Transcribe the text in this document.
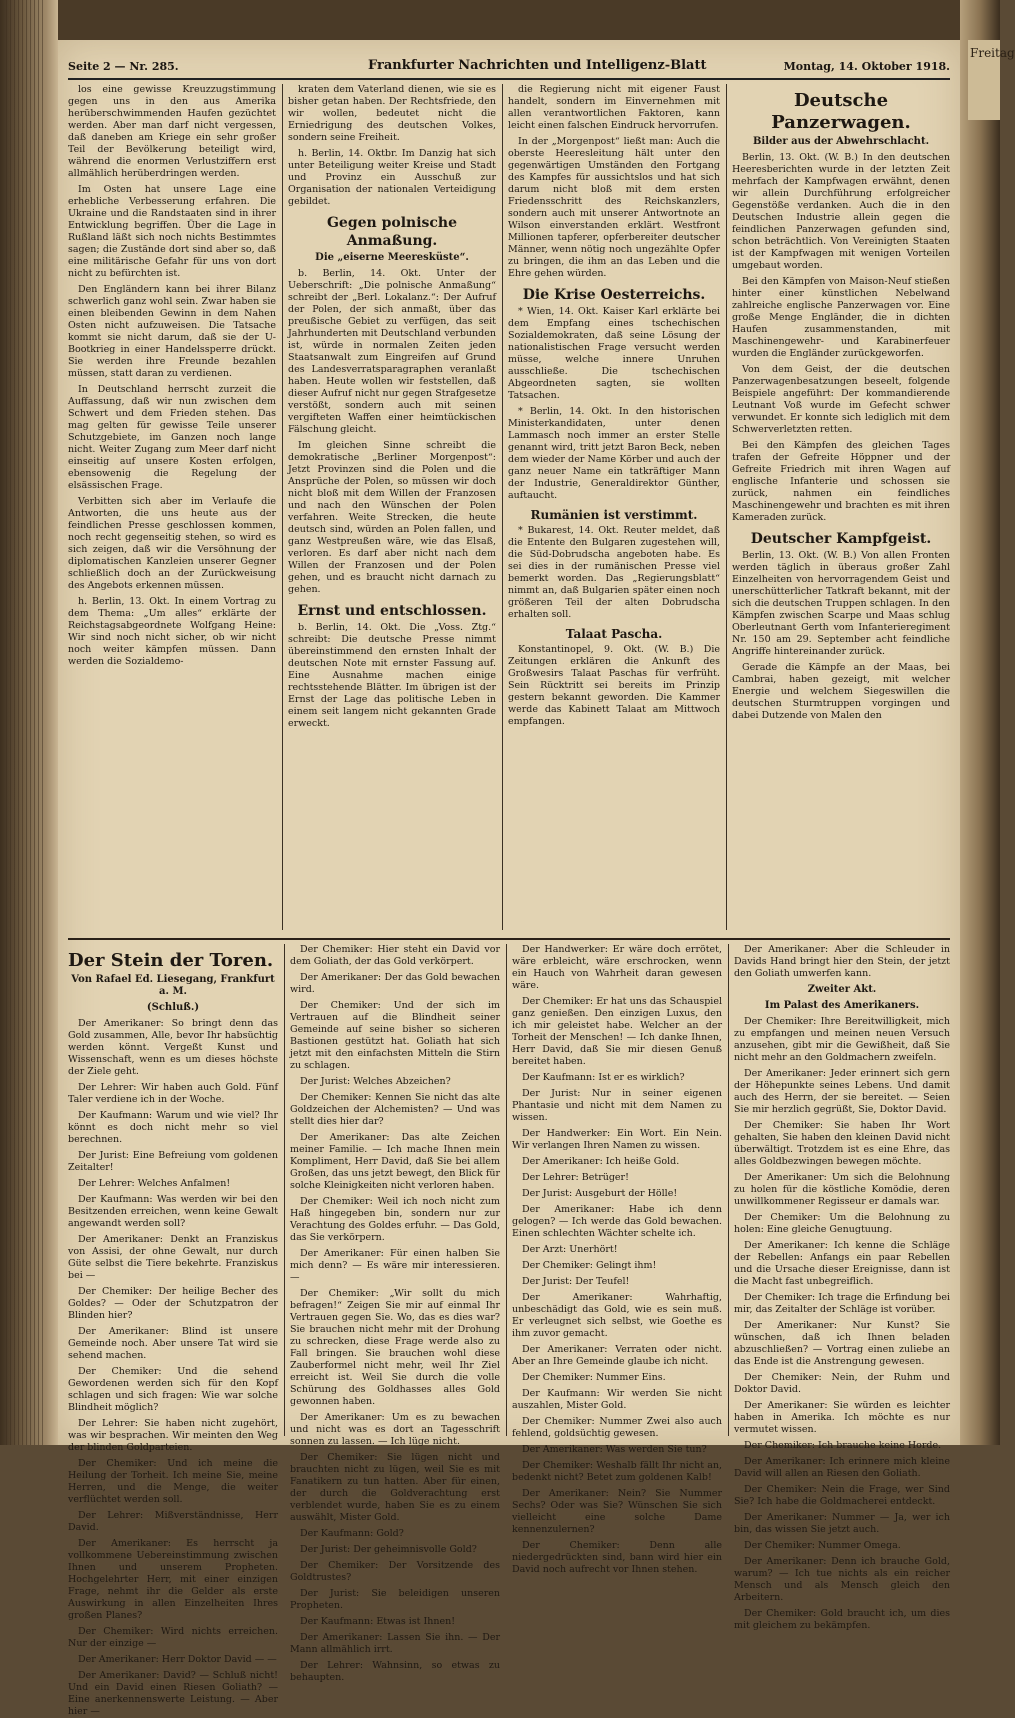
Freitag
Seite 2 — Nr. 285.	Frankfurter Nachrichten und Intelligenz-Blatt	Montag, 14. Oktober 1918.

los eine gewisse Kreuzzugstimmung gegen uns in den aus Amerika herüberschwimmenden Haufen gezüchtet werden. Aber man darf nicht vergessen, daß daneben am Kriege ein sehr großer Teil der Bevölkerung beteiligt wird, während die enormen Verlustziffern erst allmählich herüberdringen werden.

Im Osten hat unsere Lage eine erhebliche Verbesserung erfahren. Die Ukraine und die Randstaaten sind in ihrer Entwicklung begriffen. Über die Lage in Rußland läßt sich noch nichts Bestimmtes sagen; die Zustände dort sind aber so, daß eine militärische Gefahr für uns von dort nicht zu befürchten ist.

Den Engländern kann bei ihrer Bilanz schwerlich ganz wohl sein. Zwar haben sie einen bleibenden Gewinn in dem Nahen Osten nicht aufzuweisen. Die Tatsache kommt sie nicht darum, daß sie der U-Bootkrieg in einer Handelssperre drückt. Sie werden ihre Freunde bezahlen müssen, statt daran zu verdienen.

In Deutschland herrscht zurzeit die Auffassung, daß wir nun zwischen dem Schwert und dem Frieden stehen. Das mag gelten für gewisse Teile unserer Schutzgebiete, im Ganzen noch lange nicht. Weiter Zugang zum Meer darf nicht einseitig auf unsere Kosten erfolgen, ebensowenig die Regelung der elsässischen Frage.

Verbitten sich aber im Verlaufe die Antworten, die uns heute aus der feindlichen Presse geschlossen kommen, noch recht gegenseitig stehen, so wird es sich zeigen, daß wir die Versöhnung der diplomatischen Kanzleien unserer Gegner schließlich doch an der Zurückweisung des Angebots erkennen müssen.

h. Berlin, 13. Okt. In einem Vortrag zu dem Thema: „Um alles“ erklärte der Reichstagsabgeordnete Wolfgang Heine: Wir sind noch nicht sicher, ob wir nicht noch weiter kämpfen müssen. Dann werden die Sozialdemo-

kraten dem Vaterland dienen, wie sie es bisher getan haben. Der Rechtsfriede, den wir wollen, bedeutet nicht die Erniedrigung des deutschen Volkes, sondern seine Freiheit.

h. Berlin, 14. Oktbr. Im Danzig hat sich unter Beteiligung weiter Kreise und Stadt und Provinz ein Ausschuß zur Organisation der nationalen Verteidigung gebildet.

Gegen polnische Anmaßung.
Die „eiserne Meeresküste“.

b. Berlin, 14. Okt. Unter der Ueberschrift: „Die polnische Anmaßung“ schreibt der „Berl. Lokalanz.“: Der Aufruf der Polen, der sich anmaßt, über das preußische Gebiet zu verfügen, das seit Jahrhunderten mit Deutschland verbunden ist, würde in normalen Zeiten jeden Staatsanwalt zum Eingreifen auf Grund des Landesverratsparagraphen veranlaßt haben. Heute wollen wir feststellen, daß dieser Aufruf nicht nur gegen Strafgesetze verstößt, sondern auch mit seinen vergifteten Waffen einer heimtückischen Fälschung gleicht.

Im gleichen Sinne schreibt die demokratische „Berliner Morgenpost“: Jetzt Provinzen sind die Polen und die Ansprüche der Polen, so müssen wir doch nicht bloß mit dem Willen der Franzosen und nach den Wünschen der Polen verfahren. Weite Strecken, die heute deutsch sind, würden an Polen fallen, und ganz Westpreußen wäre, wie das Elsaß, verloren. Es darf aber nicht nach dem Willen der Franzosen und der Polen gehen, und es braucht nicht darnach zu gehen.

Ernst und entschlossen.

b. Berlin, 14. Okt. Die „Voss. Ztg.“ schreibt: Die deutsche Presse nimmt übereinstimmend den ernsten Inhalt der deutschen Note mit ernster Fassung auf. Eine Ausnahme machen einige rechtsstehende Blätter. Im übrigen ist der Ernst der Lage das politische Leben in einem seit langem nicht gekannten Grade erweckt.

die Regierung nicht mit eigener Faust handelt, sondern im Einvernehmen mit allen verantwortlichen Faktoren, kann leicht einen falschen Eindruck hervorrufen.

In der „Morgenpost“ ließt man: Auch die oberste Heeresleitung hält unter den gegenwärtigen Umständen den Fortgang des Kampfes für aussichtslos und hat sich darum nicht bloß mit dem ersten Friedensschritt des Reichskanzlers, sondern auch mit unserer Antwortnote an Wilson einverstanden erklärt. Westfront Millionen tapferer, opferbereiter deutscher Männer, wenn nötig noch ungezählte Opfer zu bringen, die ihm an das Leben und die Ehre gehen würden.

Die Krise Oesterreichs.

* Wien, 14. Okt. Kaiser Karl erklärte bei dem Empfang eines tschechischen Sozialdemokraten, daß seine Lösung der nationalistischen Frage versucht werden müsse, welche innere Unruhen ausschließe. Die tschechischen Abgeordneten sagten, sie wollten Tatsachen.

* Berlin, 14. Okt. In den historischen Ministerkandidaten, unter denen Lammasch noch immer an erster Stelle genannt wird, tritt jetzt Baron Beck, neben dem wieder der Name Körber und auch der ganz neuer Name ein tatkräftiger Mann der Industrie, Generaldirektor Günther, auftaucht.

Rumänien ist verstimmt.

* Bukarest, 14. Okt. Reuter meldet, daß die Entente den Bulgaren zugestehen will, die Süd-Dobrudscha angeboten habe. Es sei dies in der rumänischen Presse viel bemerkt worden. Das „Regierungsblatt“ nimmt an, daß Bulgarien später einen noch größeren Teil der alten Dobrudscha erhalten soll.

Talaat Pascha.

Konstantinopel, 9. Okt. (W. B.) Die Zeitungen erklären die Ankunft des Großwesirs Talaat Paschas für verfrüht. Sein Rücktritt sei bereits im Prinzip gestern bekannt geworden. Die Kammer werde das Kabinett Talaat am Mittwoch empfangen.

Deutsche Panzerwagen.
Bilder aus der Abwehrschlacht.

Berlin, 13. Okt. (W. B.) In den deutschen Heeresberichten wurde in der letzten Zeit mehrfach der Kampfwagen erwähnt, denen wir allein Durchführung erfolgreicher Gegenstöße verdanken. Auch die in den Deutschen Industrie allein gegen die feindlichen Panzerwagen gefunden sind, schon beträchtlich. Von Vereinigten Staaten ist der Kampfwagen mit wenigen Vorteilen umgebaut worden.

Bei den Kämpfen von Maison-Neuf stießen hinter einer künstlichen Nebelwand zahlreiche englische Panzerwagen vor. Eine große Menge Engländer, die in dichten Haufen zusammenstanden, mit Maschinengewehr- und Karabinerfeuer wurden die Engländer zurückgeworfen.

Von dem Geist, der die deutschen Panzerwagenbesatzungen beseelt, folgende Beispiele angeführt: Der kommandierende Leutnant Voß wurde im Gefecht schwer verwundet. Er konnte sich lediglich mit dem Schwerverletzten retten.

Bei den Kämpfen des gleichen Tages trafen der Gefreite Höppner und der Gefreite Friedrich mit ihren Wagen auf englische Infanterie und schossen sie zurück, nahmen ein feindliches Maschinengewehr und brachten es mit ihren Kameraden zurück.

Deutscher Kampfgeist.

Berlin, 13. Okt. (W. B.) Von allen Fronten werden täglich in überaus großer Zahl Einzelheiten von hervorragendem Geist und unerschütterlicher Tatkraft bekannt, mit der sich die deutschen Truppen schlagen. In den Kämpfen zwischen Scarpe und Maas schlug Oberleutnant Gerth vom Infanterieregiment Nr. 150 am 29. September acht feindliche Angriffe hintereinander zurück.

Gerade die Kämpfe an der Maas, bei Cambrai, haben gezeigt, mit welcher Energie und welchem Siegeswillen die deutschen Sturmtruppen vorgingen und dabei Dutzende von Malen den

Der Stein der Toren.
Von Rafael Ed. Liesegang, Frankfurt a. M.
(Schluß.)

Der Amerikaner: So bringt denn das Gold zusammen, Alle, bevor Ihr habsüchtig werden könnt. Vergeßt Kunst und Wissenschaft, wenn es um dieses höchste der Ziele geht.

Der Lehrer: Wir haben auch Gold. Fünf Taler verdiene ich in der Woche.

Der Kaufmann: Warum und wie viel? Ihr könnt es doch nicht mehr so viel berechnen.

Der Jurist: Eine Befreiung vom goldenen Zeitalter!

Der Lehrer: Welches Anfalmen!

Der Kaufmann: Was werden wir bei den Besitzenden erreichen, wenn keine Gewalt angewandt werden soll?

Der Amerikaner: Denkt an Franziskus von Assisi, der ohne Gewalt, nur durch Güte selbst die Tiere bekehrte. Franziskus bei —

Der Chemiker: Der heilige Becher des Goldes? — Oder der Schutzpatron der Blinden hier?

Der Amerikaner: Blind ist unsere Gemeinde noch. Aber unsere Tat wird sie sehend machen.

Der Chemiker: Und die sehend Gewordenen werden sich für den Kopf schlagen und sich fragen: Wie war solche Blindheit möglich?

Der Lehrer: Sie haben nicht zugehört, was wir besprachen. Wir meinten den Weg der blinden Goldparteien.

Der Chemiker: Und ich meine die Heilung der Torheit. Ich meine Sie, meine Herren, und die Menge, die weiter verflüchtet werden soll.

Der Lehrer: Mißverständnisse, Herr David.

Der Amerikaner: Es herrscht ja vollkommene Uebereinstimmung zwischen Ihnen und unserem Propheten. Hochgelehrter Herr, mit einer einzigen Frage, nehmt ihr die Gelder als erste Auswirkung in allen Einzelheiten Ihres großen Planes?

Der Chemiker: Wird nichts erreichen. Nur der einzige —

Der Amerikaner: Herr Doktor David — —

Der Amerikaner: David? — Schluß nicht! Und ein David einen Riesen Goliath? — Eine anerkennenswerte Leistung. — Aber hier —

Der Chemiker: Hier steht ein David vor dem Goliath, der das Gold verkörpert.

Der Amerikaner: Der das Gold bewachen wird.

Der Chemiker: Und der sich im Vertrauen auf die Blindheit seiner Gemeinde auf seine bisher so sicheren Bastionen gestützt hat. Goliath hat sich jetzt mit den einfachsten Mitteln die Stirn zu schlagen.

Der Jurist: Welches Abzeichen?

Der Chemiker: Kennen Sie nicht das alte Goldzeichen der Alchemisten? — Und was stellt dies hier dar?

Der Amerikaner: Das alte Zeichen meiner Familie. — Ich mache Ihnen mein Kompliment, Herr David, daß Sie bei allem Großen, das uns jetzt bewegt, den Blick für solche Kleinigkeiten nicht verloren haben.

Der Chemiker: Weil ich noch nicht zum Haß hingegeben bin, sondern nur zur Verachtung des Goldes erfuhr. — Das Gold, das Sie verkörpern.

Der Amerikaner: Für einen halben Sie mich denn? — Es wäre mir interessieren. —

Der Chemiker: „Wir sollt du mich befragen!“ Zeigen Sie mir auf einmal Ihr Vertrauen gegen Sie. Wo, das es dies war? Sie brauchen nicht mehr mit der Drohung zu schrecken, diese Frage werde also zu Fall bringen. Sie brauchen wohl diese Zauberformel nicht mehr, weil Ihr Ziel erreicht ist. Weil Sie durch die volle Schürung des Goldhasses alles Gold gewonnen haben.

Der Amerikaner: Um es zu bewachen und nicht was es dort an Tagesschrift sonnen zu lassen. — Ich lüge nicht.

Der Chemiker: Sie lügen nicht und brauchten nicht zu lügen, weil Sie es mit Fanatikern zu tun hatten. Aber für einen, der durch die Goldverachtung erst verblendet wurde, haben Sie es zu einem auswählt, Mister Gold.

Der Kaufmann: Gold?

Der Jurist: Der geheimnisvolle Gold?

Der Chemiker: Der Vorsitzende des Goldtrustes?

Der Jurist: Sie beleidigen unseren Propheten.

Der Kaufmann: Etwas ist Ihnen!

Der Amerikaner: Lassen Sie ihn. — Der Mann allmählich irrt.

Der Lehrer: Wahnsinn, so etwas zu behaupten.

Der Handwerker: Er wäre doch errötet, wäre erbleicht, wäre erschrocken, wenn ein Hauch von Wahrheit daran gewesen wäre.

Der Chemiker: Er hat uns das Schauspiel ganz genießen. Den einzigen Luxus, den ich mir geleistet habe. Welcher an der Torheit der Menschen! — Ich danke Ihnen, Herr David, daß Sie mir diesen Genuß bereitet haben.

Der Kaufmann: Ist er es wirklich?

Der Jurist: Nur in seiner eigenen Phantasie und nicht mit dem Namen zu wissen.

Der Handwerker: Ein Wort. Ein Nein. Wir verlangen Ihren Namen zu wissen.

Der Amerikaner: Ich heiße Gold.

Der Lehrer: Betrüger!

Der Jurist: Ausgeburt der Hölle!

Der Amerikaner: Habe ich denn gelogen? — Ich werde das Gold bewachen. Einen schlechten Wächter schelte ich.

Der Arzt: Unerhört!

Der Chemiker: Gelingt ihm!

Der Jurist: Der Teufel!

Der Amerikaner: Wahrhaftig, unbeschädigt das Gold, wie es sein muß. Er verleugnet sich selbst, wie Goethe es ihm zuvor gemacht.

Der Amerikaner: Verraten oder nicht. Aber an Ihre Gemeinde glaube ich nicht.

Der Chemiker: Nummer Eins.

Der Kaufmann: Wir werden Sie nicht auszahlen, Mister Gold.

Der Chemiker: Nummer Zwei also auch fehlend, goldsüchtig gewesen.

Der Amerikaner: Was werden Sie tun?

Der Chemiker: Weshalb fällt Ihr nicht an, bedenkt nicht? Betet zum goldenen Kalb!

Der Amerikaner: Nein? Sie Nummer Sechs? Oder was Sie? Wünschen Sie sich vielleicht eine solche Dame kennenzulernen?

Der Chemiker: Denn alle niedergedrückten sind, bann wird hier ein David noch aufrecht vor Ihnen stehen.

Der Amerikaner: Aber die Schleuder in Davids Hand bringt hier den Stein, der jetzt den Goliath umwerfen kann.

Zweiter Akt.
Im Palast des Amerikaners.

Der Chemiker: Ihre Bereitwilligkeit, mich zu empfangen und meinen neuen Versuch anzusehen, gibt mir die Gewißheit, daß Sie nicht mehr an den Goldmachern zweifeln.

Der Amerikaner: Jeder erinnert sich gern der Höhepunkte seines Lebens. Und damit auch des Herrn, der sie bereitet. — Seien Sie mir herzlich gegrüßt, Sie, Doktor David.

Der Chemiker: Sie haben Ihr Wort gehalten, Sie haben den kleinen David nicht überwältigt. Trotzdem ist es eine Ehre, das alles Goldbezwingen bewegen möchte.

Der Amerikaner: Um sich die Belohnung zu holen für die köstliche Komödie, deren unwillkommener Regisseur er damals war.

Der Chemiker: Um die Belohnung zu holen: Eine gleiche Genugtuung.

Der Amerikaner: Ich kenne die Schläge der Rebellen: Anfangs ein paar Rebellen und die Ursache dieser Ereignisse, dann ist die Macht fast unbegreiflich.

Der Chemiker: Ich trage die Erfindung bei mir, das Zeitalter der Schläge ist vorüber.

Der Amerikaner: Nur Kunst? Sie wünschen, daß ich Ihnen beladen abzuschließen? — Vortrag einen zuliebe an das Ende ist die Anstrengung gewesen.

Der Chemiker: Nein, der Ruhm und Doktor David.

Der Amerikaner: Sie würden es leichter haben in Amerika. Ich möchte es nur vermutet wissen.

Der Chemiker: Ich brauche keine Horde.

Der Amerikaner: Ich erinnere mich kleine David will allen an Riesen den Goliath.

Der Chemiker: Nein die Frage, wer Sind Sie? Ich habe die Goldmacherei entdeckt.

Der Amerikaner: Nummer — Ja, wer ich bin, das wissen Sie jetzt auch.

Der Chemiker: Nummer Omega.

Der Amerikaner: Denn ich brauche Gold, warum? — Ich tue nichts als ein reicher Mensch und als Mensch gleich den Arbeitern.

Der Chemiker: Gold braucht ich, um dies mit gleichem zu bekämpfen.
